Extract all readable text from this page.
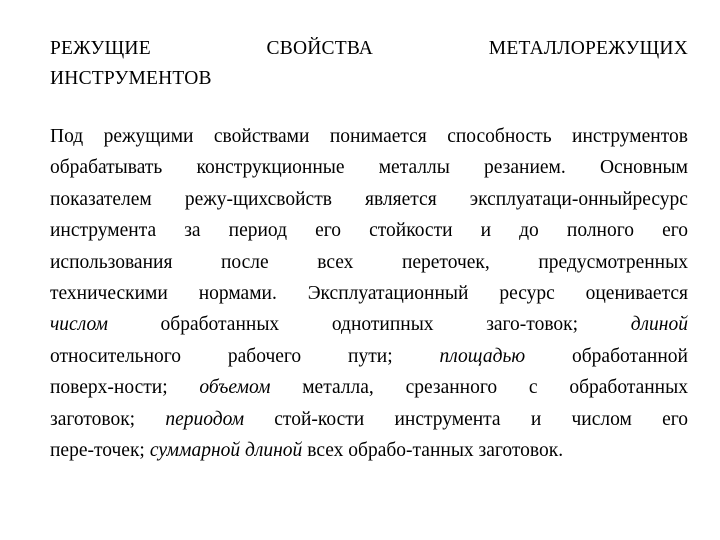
РЕЖУЩИЕ	СВОЙСТВА	МЕТАЛЛОРЕЖУЩИХ
ИНСТРУМЕНТОВ
Под режущими свойствами понимается способность инструментов
обрабатывать конструкционные металлы резанием. Основным
показателем режу-щихсвойств является эксплуатаци-онныйресурс
инструмента за период его стойкости и до полного его
использования после всех переточек, предусмотренных
техническими нормами. Эксплуатационный ресурс оценивается
числом	обработанных	однотипных	заго-товок;	длиной
относительного рабочего пути; площадью обработанной
поверх-ности; объемом металла, срезанного с обработанных
заготовок; периодом стой-кости инструмента и числом его
пере-точек; суммарной длиной всех обрабо-танных заготовок.
